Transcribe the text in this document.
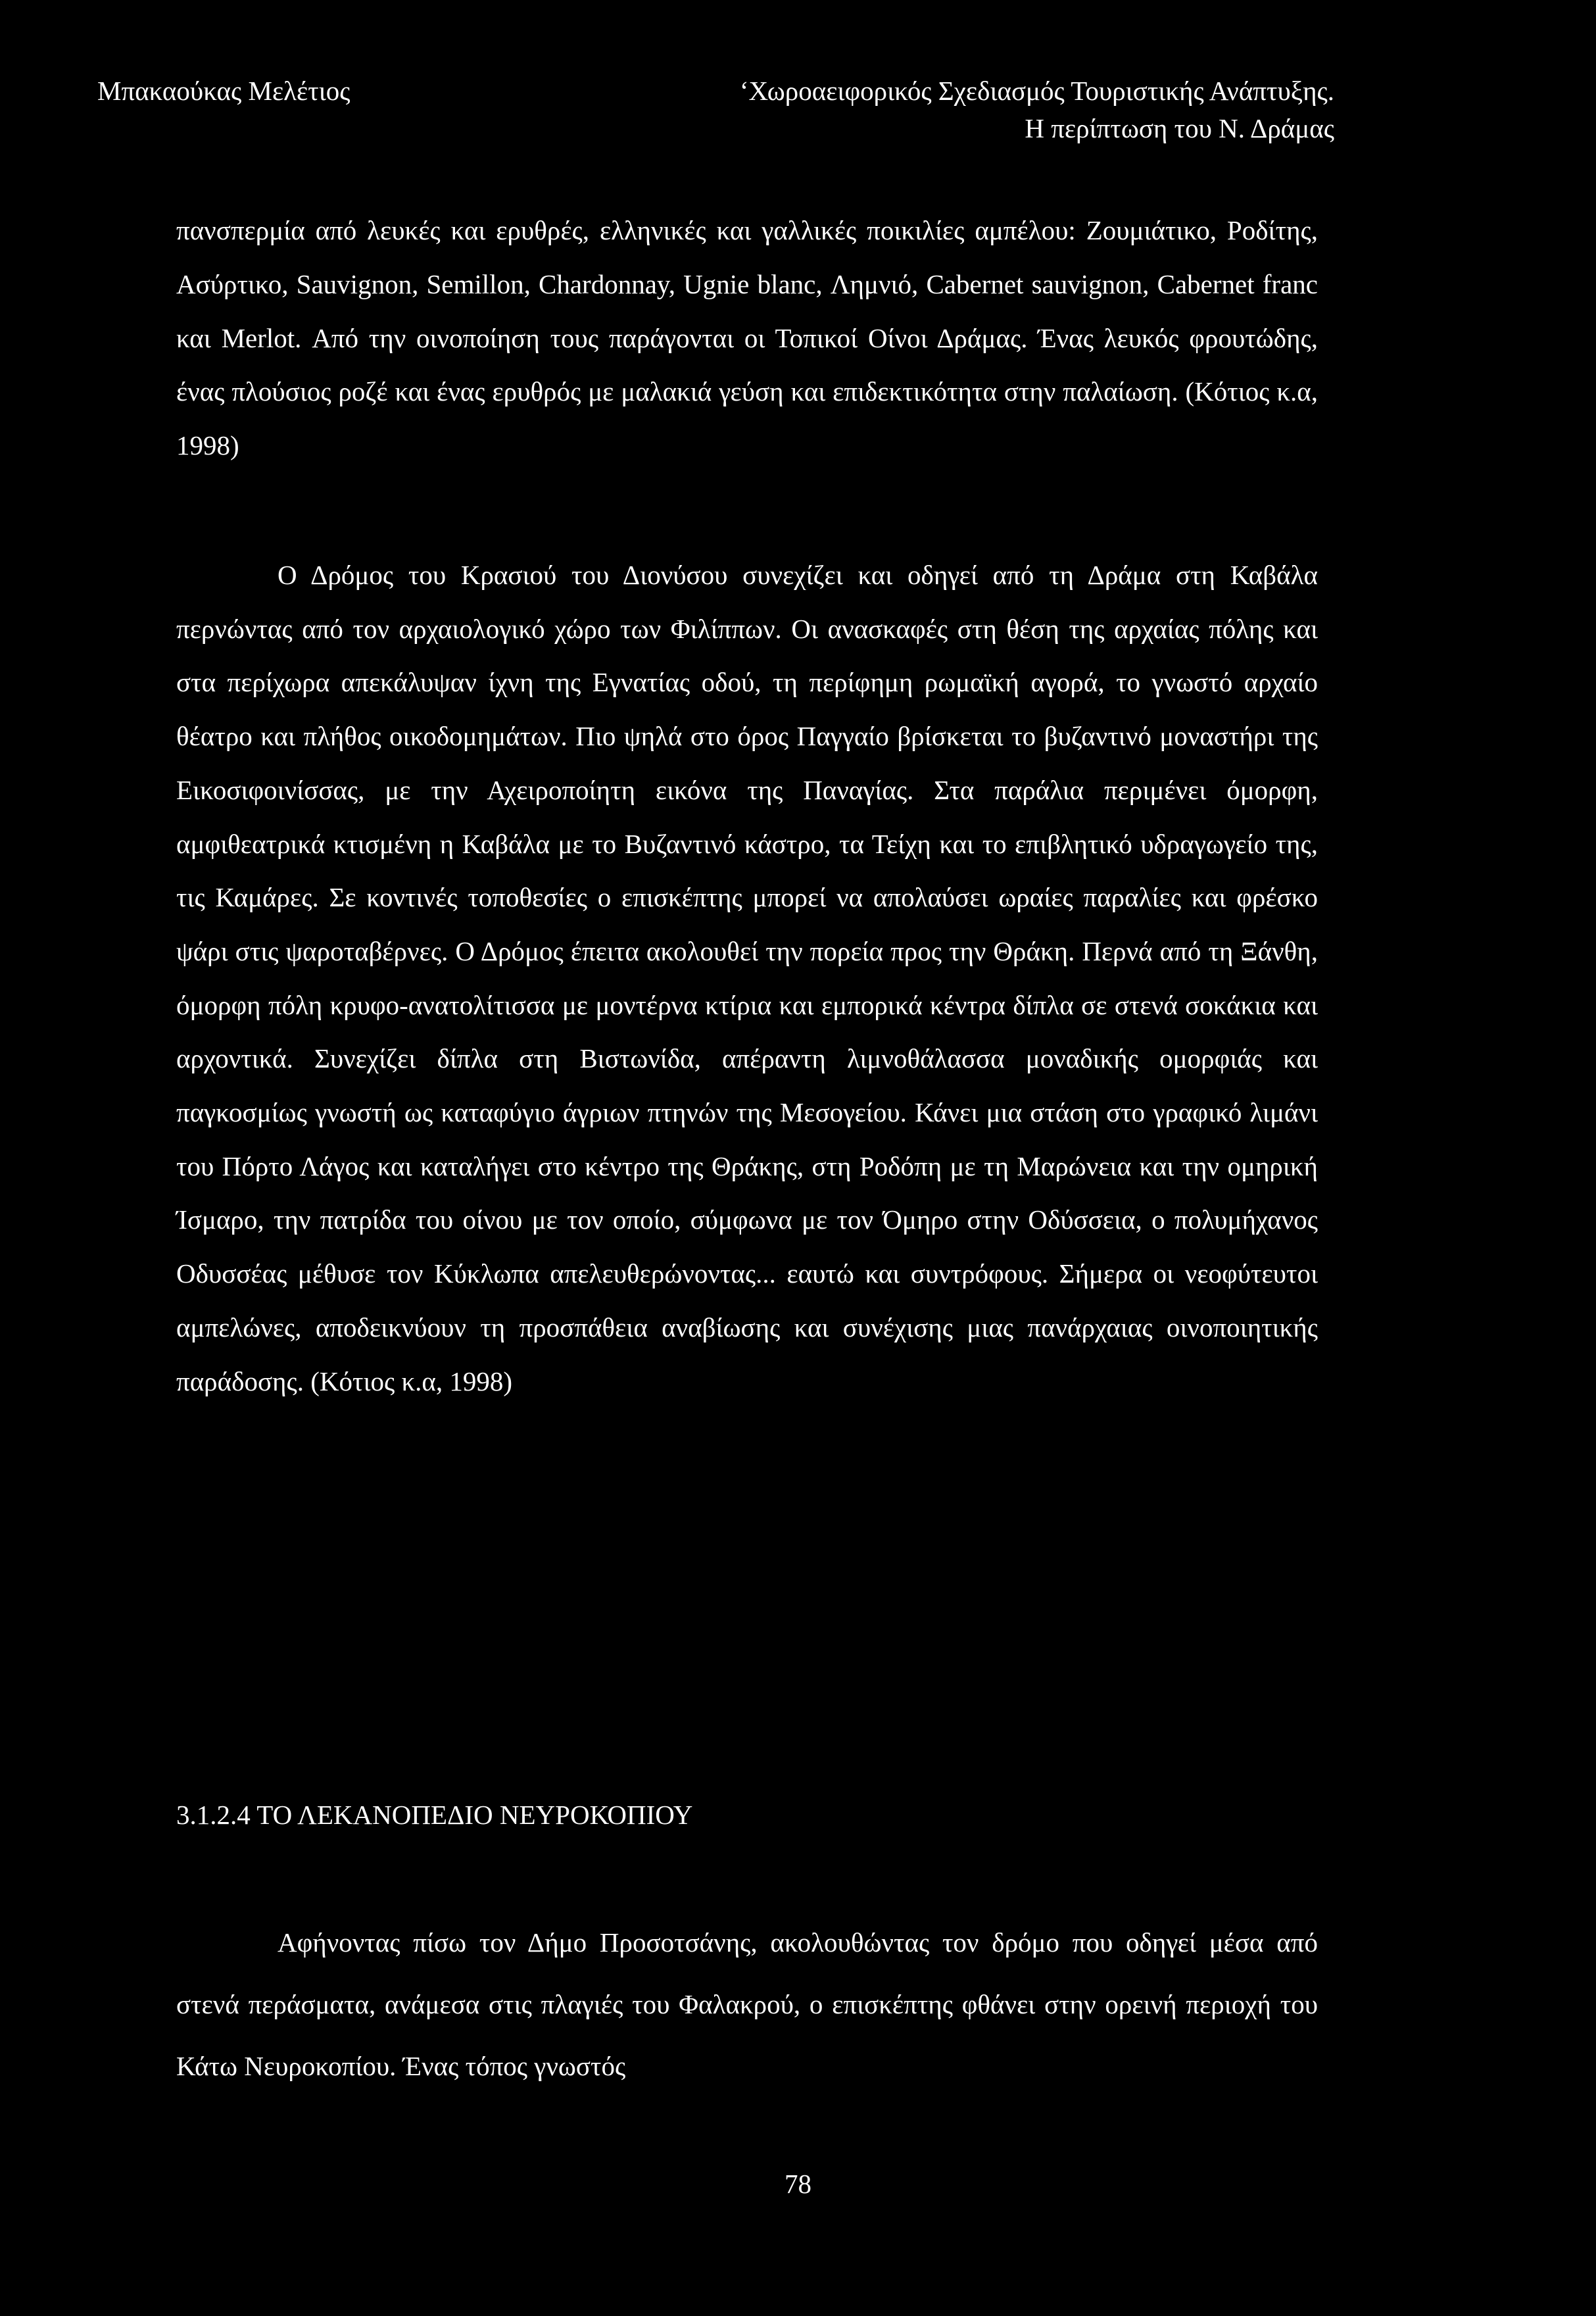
Μπακαούκας Μελέτιος	‘Χωροαειφορικός Σχεδιασμός Τουριστικής Ανάπτυξης.
Η περίπτωση του Ν. Δράμας
πανσπερμία από λευκές και ερυθρές, ελληνικές και γαλλικές ποικιλίες αμπέλου: Ζουμιάτικο, Ροδίτης, Ασύρτικο, Sauvignon, Semillon, Chardonnay, Ugnie blanc, Λημνιό, Cabernet sauvignon, Cabernet franc και Merlot. Από την οινοποίηση τους παράγονται οι Τοπικοί Οίνοι Δράμας. Ένας λευκός φρουτώδης, ένας πλούσιος ροζέ και ένας ερυθρός με μαλακιά γεύση και επιδεκτικότητα στην παλαίωση. (Κότιος κ.α, 1998)
Ο Δρόμος του Κρασιού του Διονύσου συνεχίζει και οδηγεί από τη Δράμα στη Καβάλα περνώντας από τον αρχαιολογικό χώρο των Φιλίππων. Οι ανασκαφές στη θέση της αρχαίας πόλης και στα περίχωρα απεκάλυψαν ίχνη της Εγνατίας οδού, τη περίφημη ρωμαϊκή αγορά, το γνωστό αρχαίο θέατρο και πλήθος οικοδομημάτων. Πιο ψηλά στο όρος Παγγαίο βρίσκεται το βυζαντινό μοναστήρι της Εικοσιφοινίσσας, με την Αχειροποίητη εικόνα της Παναγίας. Στα παράλια περιμένει όμορφη, αμφιθεατρικά κτισμένη η Καβάλα με το Βυζαντινό κάστρο, τα Τείχη και το επιβλητικό υδραγωγείο της, τις Καμάρες. Σε κοντινές τοποθεσίες ο επισκέπτης μπορεί να απολαύσει ωραίες παραλίες και φρέσκο ψάρι στις ψαροταβέρνες. Ο Δρόμος έπειτα ακολουθεί την πορεία προς την Θράκη. Περνά από τη Ξάνθη, όμορφη πόλη κρυφο-ανατολίτισσα με μοντέρνα κτίρια και εμπορικά κέντρα δίπλα σε στενά σοκάκια και αρχοντικά. Συνεχίζει δίπλα στη Βιστωνίδα, απέραντη λιμνοθάλασσα μοναδικής ομορφιάς και παγκοσμίως γνωστή ως καταφύγιο άγριων πτηνών της Μεσογείου. Κάνει μια στάση στο γραφικό λιμάνι του Πόρτο Λάγος και καταλήγει στο κέντρο της Θράκης, στη Ροδόπη με τη Μαρώνεια και την ομηρική Ίσμαρο, την πατρίδα του οίνου με τον οποίο, σύμφωνα με τον Όμηρο στην Οδύσσεια, ο πολυμήχανος Οδυσσέας μέθυσε τον Κύκλωπα απελευθερώνοντας... εαυτώ και συντρόφους. Σήμερα οι νεοφύτευτοι αμπελώνες, αποδεικνύουν τη προσπάθεια αναβίωσης και συνέχισης μιας πανάρχαιας οινοποιητικής παράδοσης. (Κότιος κ.α, 1998)
3.1.2.4 ΤΟ ΛΕΚΑΝΟΠΕΔΙΟ ΝΕΥΡΟΚΟΠΙΟΥ
Αφήνοντας πίσω τον Δήμο Προσοτσάνης, ακολουθώντας τον δρόμο που οδηγεί μέσα από στενά περάσματα, ανάμεσα στις πλαγιές του Φαλακρού, ο επισκέπτης φθάνει στην ορεινή περιοχή του Κάτω Νευροκοπίου. Ένας τόπος γνωστός
78
